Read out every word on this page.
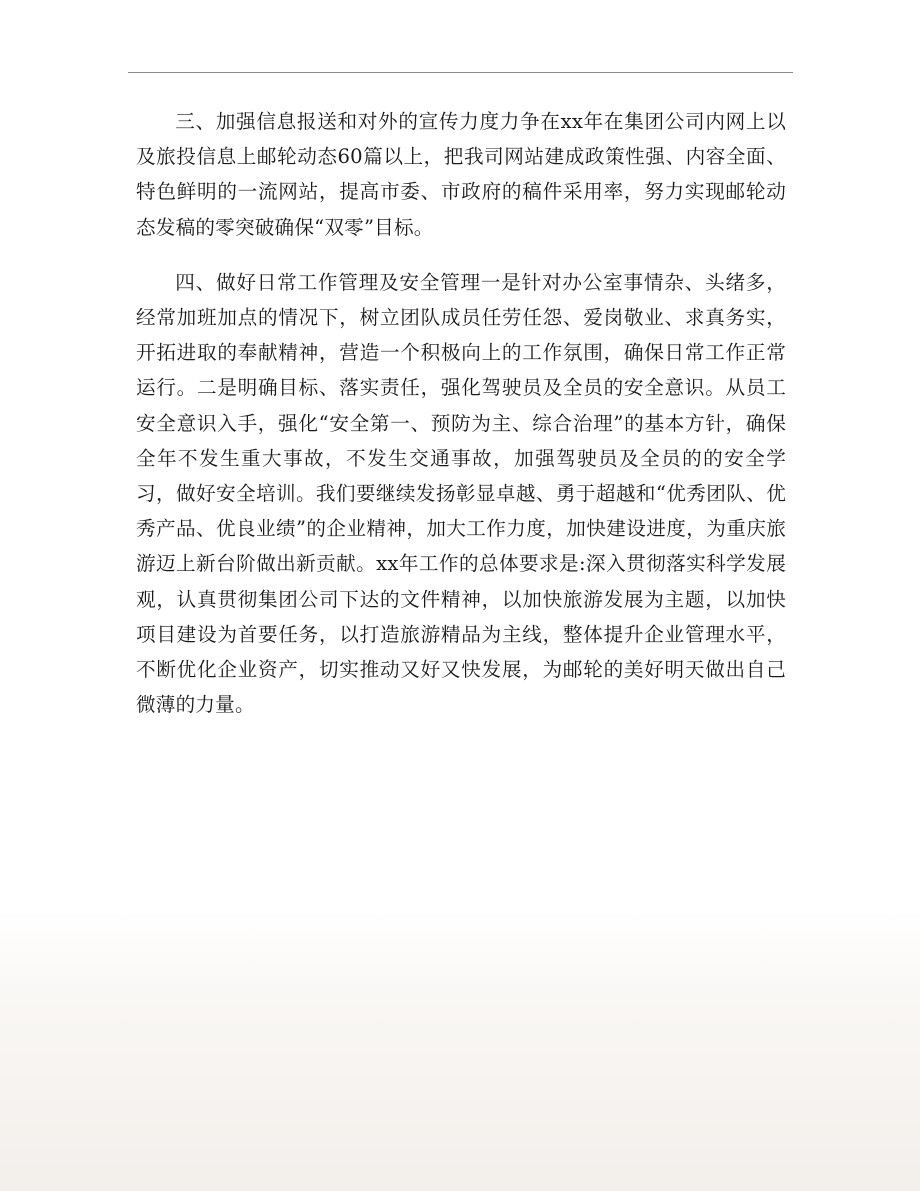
三、加强信息报送和对外的宣传力度力争在xx年在集团公司内网上以及旅投信息上邮轮动态60篇以上，把我司网站建成政策性强、内容全面、特色鲜明的一流网站，提高市委、市政府的稿件采用率，努力实现邮轮动态发稿的零突破确保“双零”目标。

四、做好日常工作管理及安全管理一是针对办公室事情杂、头绪多，经常加班加点的情况下，树立团队成员任劳任怨、爱岗敬业、求真务实，开拓进取的奉献精神，营造一个积极向上的工作氛围，确保日常工作正常运行。二是明确目标、落实责任，强化驾驶员及全员的安全意识。从员工安全意识入手，强化“安全第一、预防为主、综合治理”的基本方针，确保全年不发生重大事故，不发生交通事故，加强驾驶员及全员的的安全学习，做好安全培训。我们要继续发扬彰显卓越、勇于超越和“优秀团队、优秀产品、优良业绩”的企业精神，加大工作力度，加快建设进度，为重庆旅游迈上新台阶做出新贡献。xx年工作的总体要求是:深入贯彻落实科学发展观，认真贯彻集团公司下达的文件精神，以加快旅游发展为主题，以加快项目建设为首要任务，以打造旅游精品为主线，整体提升企业管理水平，不断优化企业资产，切实推动又好又快发展，为邮轮的美好明天做出自己微薄的力量。
